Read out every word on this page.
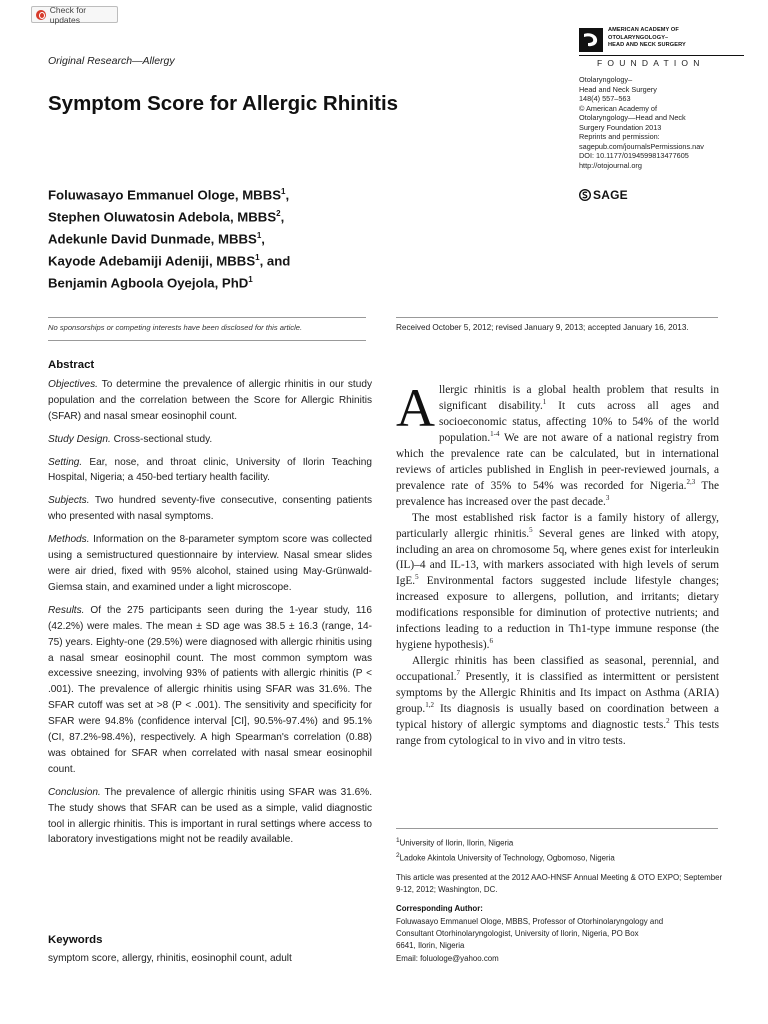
Check for updates
AMERICAN ACADEMY OF
OTOLARYNGOLOGY–
HEAD AND NECK SURGERY
FOUNDATION
Original Research—Allergy
Symptom Score for Allergic Rhinitis
Otolaryngology–
Head and Neck Surgery
148(4) 557–563
© American Academy of
Otolaryngology—Head and Neck
Surgery Foundation 2013
Reprints and permission:
sagepub.com/journalsPermissions.nav
DOI: 10.1177/0194599813477605
http://otojournal.org
SAGE
Foluwasayo Emmanuel Ologe, MBBS$^1$,
Stephen Oluwatosin Adebola, MBBS$^2$,
Adekunle David Dunmade, MBBS$^1$,
Kayode Adebamiji Adeniji, MBBS$^1$, and
Benjamin Agboola Oyejola, PhD$^1$
No sponsorships or competing interests have been disclosed for this article.	Received October 5, 2012; revised January 9, 2013; accepted January 16, 2013.
Abstract

Objectives. To determine the prevalence of allergic rhinitis in our study population and the correlation between the Score for Allergic Rhinitis (SFAR) and nasal smear eosinophil count.

Study Design. Cross-sectional study.

Setting. Ear, nose, and throat clinic, University of Ilorin Teaching Hospital, Nigeria; a 450-bed tertiary health facility.

Subjects. Two hundred seventy-five consecutive, consenting patients who presented with nasal symptoms.

Methods. Information on the 8-parameter symptom score was collected using a semistructured questionnaire by interview. Nasal smear slides were air dried, fixed with 95% alcohol, stained using May-Grünwald-Giemsa stain, and examined under a light microscope.

Results. Of the 275 participants seen during the 1-year study, 116 (42.2%) were males. The mean ± SD age was 38.5 ± 16.3 (range, 14-75) years. Eighty-one (29.5%) were diagnosed with allergic rhinitis using a nasal smear eosinophil count. The most common symptom was excessive sneezing, involving 93% of patients with allergic rhinitis (P < .001). The prevalence of allergic rhinitis using SFAR was 31.6%. The SFAR cutoff was set at >8 (P < .001). The sensitivity and specificity for SFAR were 94.8% (confidence interval [CI], 90.5%-97.4%) and 95.1% (CI, 87.2%-98.4%), respectively. A high Spearman's correlation (0.88) was obtained for SFAR when correlated with nasal smear eosinophil count.

Conclusion. The prevalence of allergic rhinitis using SFAR was 31.6%. The study shows that SFAR can be used as a simple, valid diagnostic tool in allergic rhinitis. This is important in rural settings where access to laboratory investigations might not be readily available.

Keywords
symptom score, allergy, rhinitis, eosinophil count, adult

Allergic rhinitis is a global health problem that results in significant disability.$^1$ It cuts across all ages and socioeconomic status, affecting 10% to 54% of the world population.$^{1-4}$ We are not aware of a national registry from which the prevalence rate can be calculated, but in international reviews of articles published in English in peer-reviewed journals, a prevalence rate of 35% to 54% was recorded for Nigeria.$^{2,3}$ The prevalence has increased over the past decade.$^3$

The most established risk factor is a family history of allergy, particularly allergic rhinitis.$^5$ Several genes are linked with atopy, including an area on chromosome 5q, where genes exist for interleukin (IL)–4 and IL-13, with markers associated with high levels of serum IgE.$^5$ Environmental factors suggested include lifestyle changes; increased exposure to allergens, pollution, and irritants; dietary modifications responsible for diminution of protective nutrients; and infections leading to a reduction in Th1-type immune response (the hygiene hypothesis).$^6$

Allergic rhinitis has been classified as seasonal, perennial, and occupational.$^7$ Presently, it is classified as intermittent or persistent symptoms by the Allergic Rhinitis and Its impact on Asthma (ARIA) group.$^{1,2}$ Its diagnosis is usually based on coordination between a typical history of allergic symptoms and diagnostic tests.$^2$ This tests range from cytological to in vivo and in vitro tests.

$^1$University of Ilorin, Ilorin, Nigeria
$^2$Ladoke Akintola University of Technology, Ogbomoso, Nigeria
This article was presented at the 2012 AAO-HNSF Annual Meeting & OTO EXPO; September 9-12, 2012; Washington, DC.
Corresponding Author:
Foluwasayo Emmanuel Ologe, MBBS, Professor of Otorhinolaryngology and
Consultant Otorhinolaryngologist, University of Ilorin, Nigeria, PO Box
6641, Ilorin, Nigeria
Email: foluologe@yahoo.com
